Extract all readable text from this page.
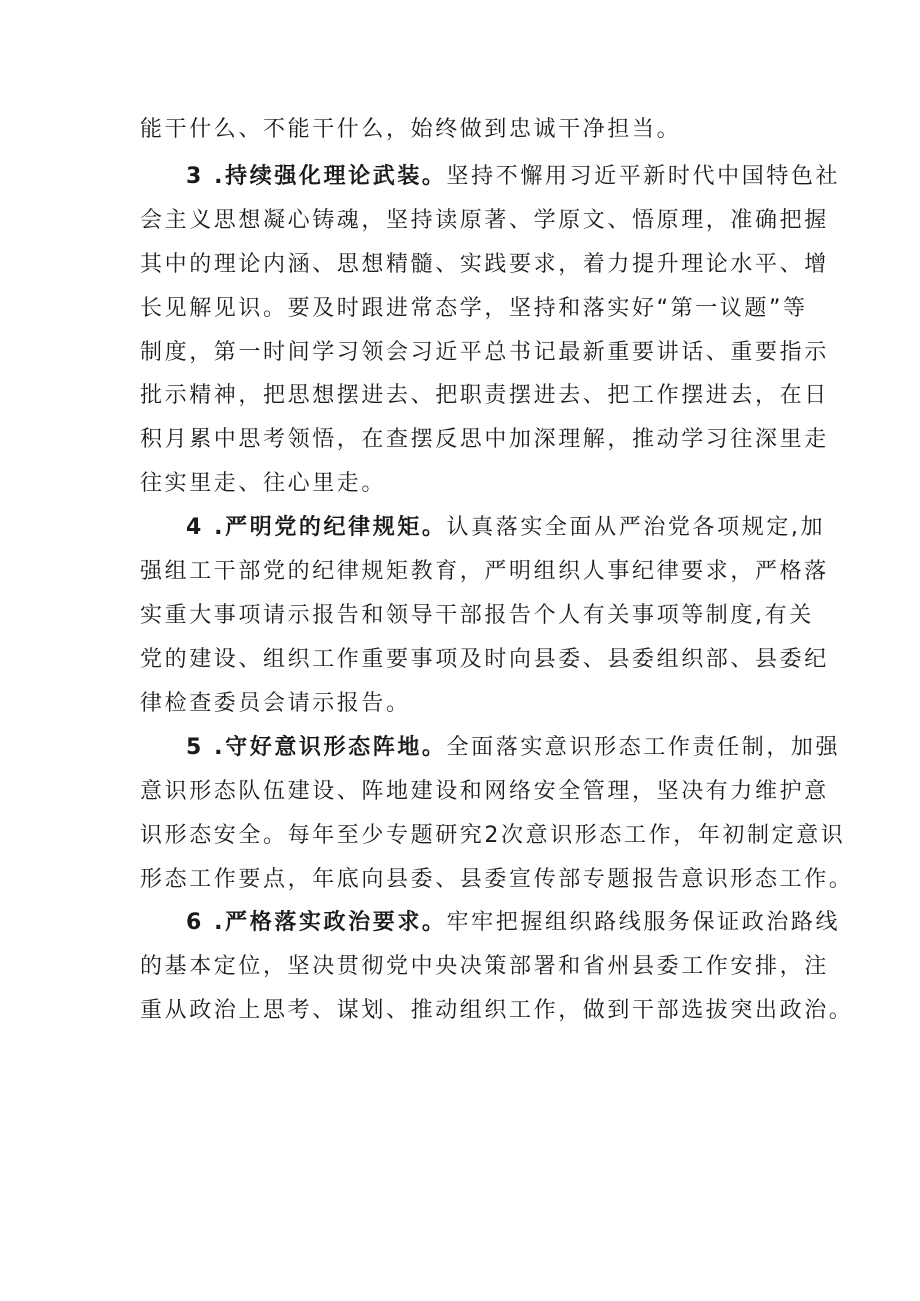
能干什么、不能干什么，始终做到忠诚干净担当。
3 .持续强化理论武装。坚持不懈用习近平新时代中国特色社
会主义思想凝心铸魂，坚持读原著、学原文、悟原理，准确把握
其中的理论内涵、思想精髓、实践要求，着力提升理论水平、增
长见解见识。要及时跟进常态学，坚持和落实好“第一议题”等
制度，第一时间学习领会习近平总书记最新重要讲话、重要指示
批示精神，把思想摆进去、把职责摆进去、把工作摆进去，在日
积月累中思考领悟，在查摆反思中加深理解，推动学习往深里走
往实里走、往心里走。
4 .严明党的纪律规矩。认真落实全面从严治党各项规定,加
强组工干部党的纪律规矩教育，严明组织人事纪律要求，严格落
实重大事项请示报告和领导干部报告个人有关事项等制度,有关
党的建设、组织工作重要事项及时向县委、县委组织部、县委纪
律检查委员会请示报告。
5 .守好意识形态阵地。全面落实意识形态工作责任制，加强
意识形态队伍建设、阵地建设和网络安全管理，坚决有力维护意
识形态安全。每年至少专题研究2次意识形态工作，年初制定意识
形态工作要点，年底向县委、县委宣传部专题报告意识形态工作。
6 .严格落实政治要求。牢牢把握组织路线服务保证政治路线
的基本定位，坚决贯彻党中央决策部署和省州县委工作安排，注
重从政治上思考、谋划、推动组织工作，做到干部选拔突出政治。
